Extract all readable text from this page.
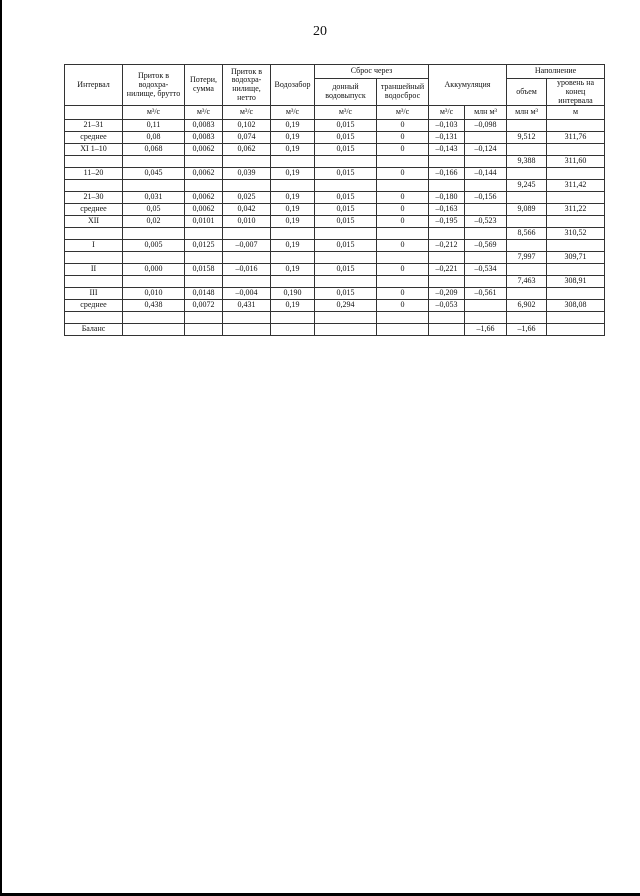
20
Интервал	Приток в водохра-нилище, брутто	Потери, сумма	Приток в водохра-нилище, нетто	Водозабор	Сброс через		Аккумуляция		Наполнение	
					донный водовыпуск	траншейный водосброс			объем	уровень на конец интервала
	м³/с	м³/с	м³/с	м³/с	м³/с	м³/с	м³/с	млн м³	млн м³	м
21–31	0,11	0,0083	0,102	0,19	0,015	0	–0,103	–0,098		
среднее	0,08	0,0083	0,074	0,19	0,015	0	–0,131		9,512	311,76
XI 1–10	0,068	0,0062	0,062	0,19	0,015	0	–0,143	–0,124		
									9,388	311,60
11–20	0,045	0,0062	0,039	0,19	0,015	0	–0,166	–0,144		
									9,245	311,42
21–30	0,031	0,0062	0,025	0,19	0,015	0	–0,180	–0,156		
среднее	0,05	0,0062	0,042	0,19	0,015	0	–0,163		9,089	311,22
XII	0,02	0,0101	0,010	0,19	0,015	0	–0,195	–0,523		
									8,566	310,52
I	0,005	0,0125	–0,007	0,19	0,015	0	–0,212	–0,569		
									7,997	309,71
II	0,000	0,0158	–0,016	0,19	0,015	0	–0,221	–0,534		
									7,463	308,91
III	0,010	0,0148	–0,004	0,190	0,015	0	–0,209	–0,561		
среднее	0,438	0,0072	0,431	0,19	0,294	0	–0,053		6,902	308,08

Баланс								–1,66	–1,66	
